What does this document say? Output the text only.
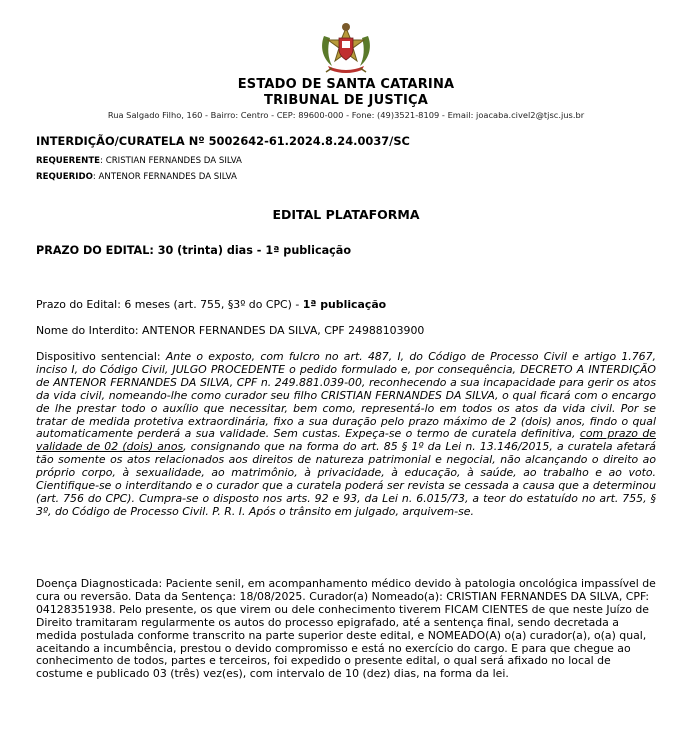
ESTADO DE SANTA CATARINA
TRIBUNAL DE JUSTIÇA
Rua Salgado Filho, 160 - Bairro: Centro - CEP: 89600-000 - Fone: (49)3521-8109 - Email: joacaba.civel2@tjsc.jus.br
INTERDIÇÃO/CURATELA Nº 5002642-61.2024.8.24.0037/SC
REQUERENTE: CRISTIAN FERNANDES DA SILVA
REQUERIDO: ANTENOR FERNANDES DA SILVA
EDITAL PLATAFORMA
PRAZO DO EDITAL: 30 (trinta) dias - 1ª publicação
Prazo do Edital: 6 meses (art. 755, §3º do CPC) - 1ª publicação
Nome do Interdito: ANTENOR FERNANDES DA SILVA, CPF 24988103900
Dispositivo sentencial: Ante o exposto, com fulcro no art. 487, I, do Código de Processo Civil e artigo 1.767, inciso I, do Código Civil, JULGO PROCEDENTE o pedido formulado e, por consequência, DECRETO A INTERDIÇÃO de ANTENOR FERNANDES DA SILVA, CPF n. 249.881.039-00, reconhecendo a sua incapacidade para gerir os atos da vida civil, nomeando-lhe como curador seu filho CRISTIAN FERNANDES DA SILVA, o qual ficará com o encargo de lhe prestar todo o auxílio que necessitar, bem como, representá-lo em todos os atos da vida civil. Por se tratar de medida protetiva extraordinária, fixo a sua duração pelo prazo máximo de 2 (dois) anos, findo o qual automaticamente perderá a sua validade. Sem custas. Expeça-se o termo de curatela definitiva, com prazo de validade de 02 (dois) anos, consignando que na forma do art. 85 § 1º da Lei n. 13.146/2015, a curatela afetará tão somente os atos relacionados aos direitos de natureza patrimonial e negocial, não alcançando o direito ao próprio corpo, à sexualidade, ao matrimônio, à privacidade, à educação, à saúde, ao trabalho e ao voto. Cientifique-se o interditando e o curador que a curatela poderá ser revista se cessada a causa que a determinou (art. 756 do CPC). Cumpra-se o disposto nos arts. 92 e 93, da Lei n. 6.015/73, a teor do estatuído no art. 755, § 3º, do Código de Processo Civil. P. R. I. Após o trânsito em julgado, arquivem-se.
Doença Diagnosticada: Paciente senil, em acompanhamento médico devido à patologia oncológica impassível de cura ou reversão. Data da Sentença: 18/08/2025. Curador(a) Nomeado(a): CRISTIAN FERNANDES DA SILVA, CPF: 04128351938. Pelo presente, os que virem ou dele conhecimento tiverem FICAM CIENTES de que neste Juízo de Direito tramitaram regularmente os autos do processo epigrafado, até a sentença final, sendo decretada a medida postulada conforme transcrito na parte superior deste edital, e NOMEADO(A) o(a) curador(a), o(a) qual, aceitando a incumbência, prestou o devido compromisso e está no exercício do cargo. E para que chegue ao conhecimento de todos, partes e terceiros, foi expedido o presente edital, o qual será afixado no local de costume e publicado 03 (três) vez(es), com intervalo de 10 (dez) dias, na forma da lei.
